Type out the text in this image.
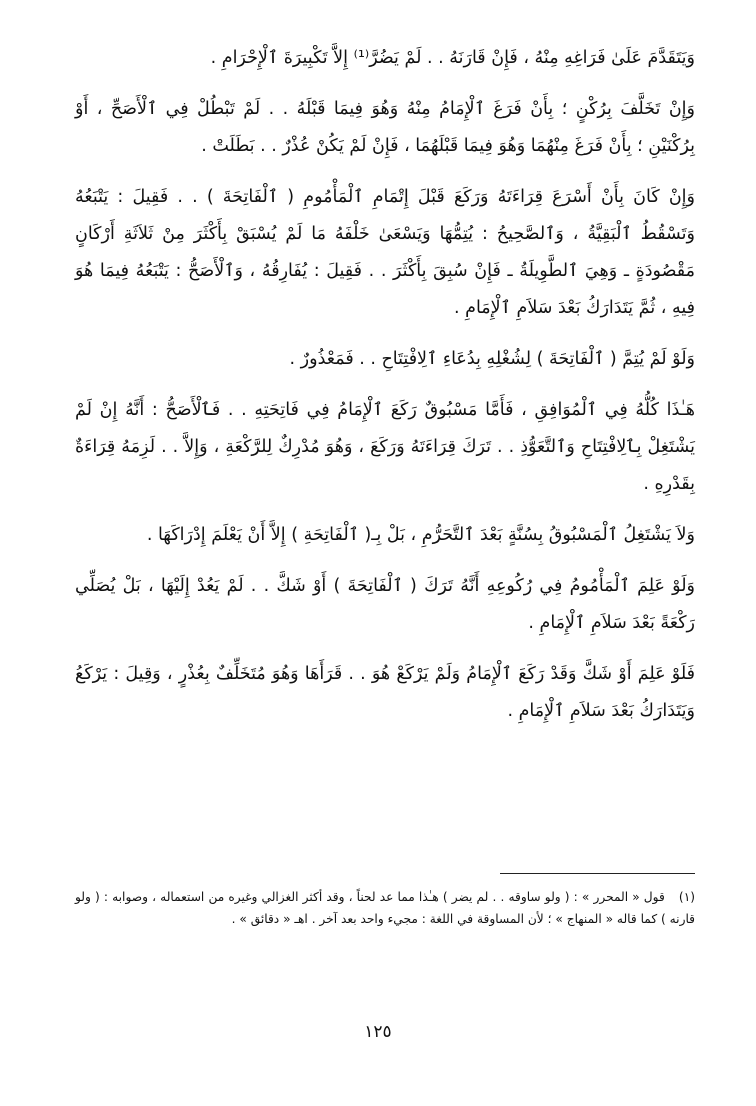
وَيَتَقَدَّمَ عَلَىٰ فَرَاغِهِ مِنْهُ ، فَإِنْ قَارَنَهُ . . لَمْ يَضُرَّ⁽¹⁾ إِلاَّ تَكْبِيرَةَ ٱلْإِحْرَامِ .

وَإِنْ تَخَلَّفَ بِرُكْنٍ ؛ بِأَنْ فَرَغَ ٱلْإِمَامُ مِنْهُ وَهُوَ فِيمَا قَبْلَهُ . . لَمْ تَبْطُلْ فِي ٱلْأَصَحِّ ، أَوْ بِرُكْنَيْنِ ؛ بِأَنْ فَرَغَ مِنْهُمَا وَهُوَ فِيمَا قَبْلَهُمَا ، فَإِنْ لَمْ يَكُنْ عُذْرٌ . . بَطَلَتْ .

وَإِنْ كَانَ بِأَنْ أَسْرَعَ قِرَاءَتَهُ وَرَكَعَ قَبْلَ إِتْمَامِ ٱلْمَأْمُومِ ( ٱلْفَاتِحَةَ ) . . فَقِيلَ : يَتْبَعُهُ وَتَسْقُطُ ٱلْبَقِيَّةُ ، وَٱلصَّحِيحُ : يُتِمُّهَا وَيَسْعَىٰ خَلْفَهُ مَا لَمْ يُسْبَقْ بِأَكْثَرَ مِنْ ثَلاَثَةِ أَرْكَانٍ مَقْصُودَةٍ ـ وَهِيَ ٱلطَّوِيلَةُ ـ فَإِنْ سُبِقَ بِأَكْثَرَ . . فَقِيلَ : يُفَارِقُهُ ، وَٱلْأَصَحُّ : يَتْبَعُهُ فِيمَا هُوَ فِيهِ ، ثُمَّ يَتَدَارَكُ بَعْدَ سَلاَمِ ٱلْإِمَامِ .

وَلَوْ لَمْ يُتِمَّ ( ٱلْفَاتِحَةَ ) لِشُغْلِهِ بِدُعَاءِ ٱلِافْتِتَاحِ . . فَمَعْذُورٌ .

هَـٰذَا كُلُّهُ فِي ٱلْمُوَافِقِ ، فَأَمَّا مَسْبُوقٌ رَكَعَ ٱلْإِمَامُ فِي فَاتِحَتِهِ . . فَٱلْأَصَحُّ : أَنَّهُ إِنْ لَمْ يَشْتَغِلْ بِٱلِافْتِتَاحِ وَٱلتَّعَوُّذِ . . تَرَكَ قِرَاءَتَهُ وَرَكَعَ ، وَهُوَ مُدْرِكٌ لِلرَّكْعَةِ ، وَإِلاَّ . . لَزِمَهُ قِرَاءَةٌ بِقَدْرِهِ .

وَلاَ يَشْتَغِلُ ٱلْمَسْبُوقُ بِسُنَّةٍ بَعْدَ ٱلتَّحَرُّمِ ، بَلْ بِـ( ٱلْفَاتِحَةِ ) إِلاَّ أَنْ يَعْلَمَ إِدْرَاكَهَا .

وَلَوْ عَلِمَ ٱلْمَأْمُومُ فِي رُكُوعِهِ أَنَّهُ تَرَكَ ( ٱلْفَاتِحَةَ ) أَوْ شَكَّ . . لَمْ يَعُدْ إِلَيْهَا ، بَلْ يُصَلِّي رَكْعَةً بَعْدَ سَلاَمِ ٱلْإِمَامِ .

فَلَوْ عَلِمَ أَوْ شَكَّ وَقَدْ رَكَعَ ٱلْإِمَامُ وَلَمْ يَرْكَعْ هُوَ . . قَرَأَهَا وَهُوَ مُتَخَلِّفٌ بِعُذْرٍ ، وَقِيلَ : يَرْكَعُ وَيَتَدَارَكُ بَعْدَ سَلاَمِ ٱلْإِمَامِ .

(١) قول « المحرر » : ( ولو ساوقه . . لم يضر ) هـٰذا مما عد لحناً ، وقد أكثر الغزالي وغيره من استعماله ، وصوابه : ( ولو قارنه ) كما قاله « المنهاج » ؛ لأن المساوقة في اللغة : مجيء واحد بعد آخر . اهـ « دقائق » .
١٢٥
